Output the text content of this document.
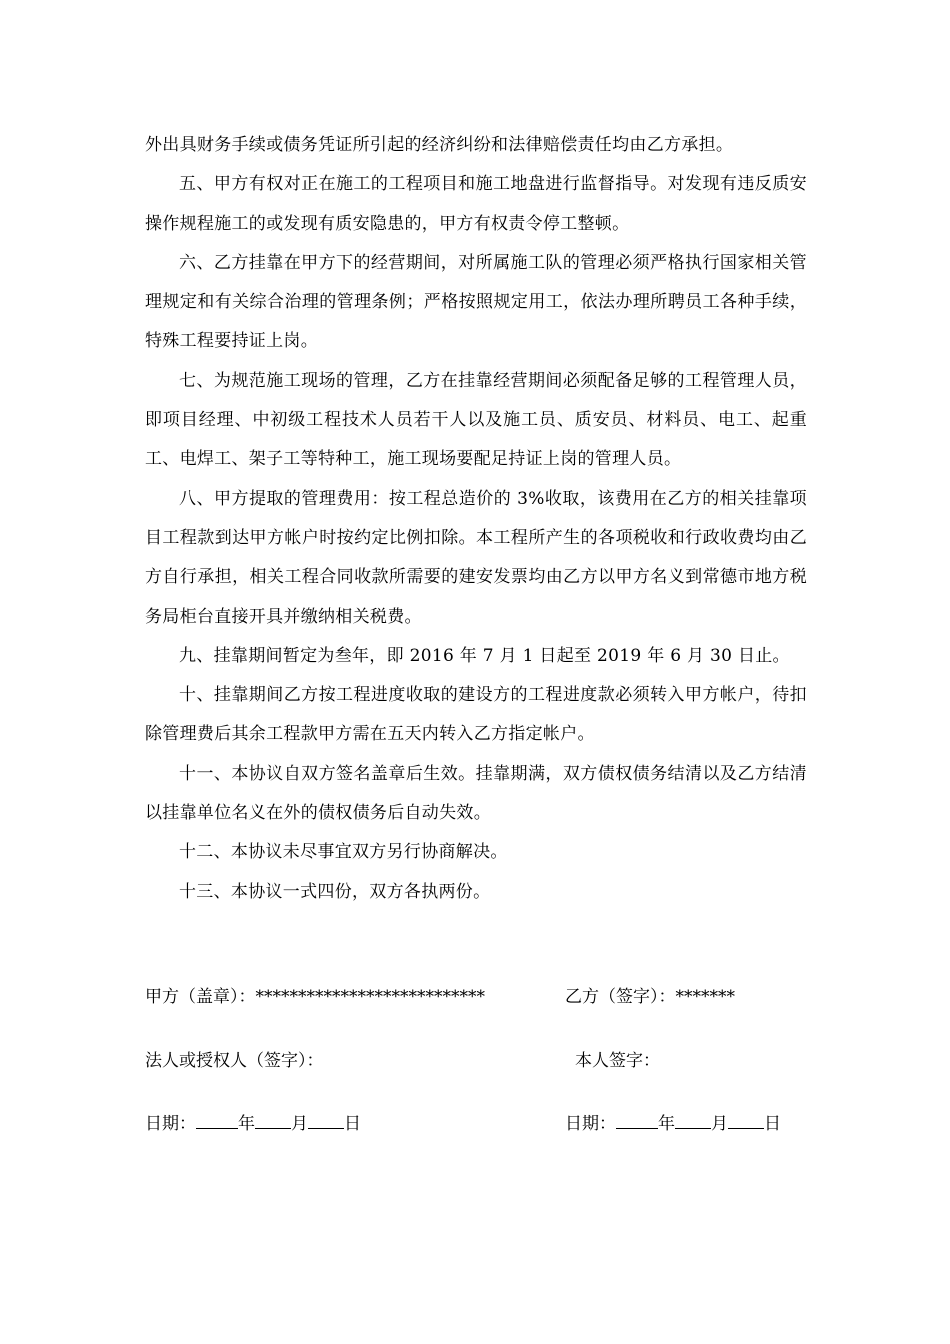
外出具财务手续或债务凭证所引起的经济纠纷和法律赔偿责任均由乙方承担。

五、甲方有权对正在施工的工程项目和施工地盘进行监督指导。对发现有违反质安操作规程施工的或发现有质安隐患的，甲方有权责令停工整顿。

六、乙方挂靠在甲方下的经营期间，对所属施工队的管理必须严格执行国家相关管理规定和有关综合治理的管理条例；严格按照规定用工，依法办理所聘员工各种手续，特殊工程要持证上岗。

七、为规范施工现场的管理，乙方在挂靠经营期间必须配备足够的工程管理人员，即项目经理、中初级工程技术人员若干人以及施工员、质安员、材料员、电工、起重工、电焊工、架子工等特种工，施工现场要配足持证上岗的管理人员。

八、甲方提取的管理费用：按工程总造价的 3%收取，该费用在乙方的相关挂靠项目工程款到达甲方帐户时按约定比例扣除。本工程所产生的各项税收和行政收费均由乙方自行承担，相关工程合同收款所需要的建安发票均由乙方以甲方名义到常德市地方税务局柜台直接开具并缴纳相关税费。

九、挂靠期间暂定为叁年，即 2016 年 7 月 1 日起至 2019 年 6 月 30 日止。

十、挂靠期间乙方按工程进度收取的建设方的工程进度款必须转入甲方帐户，待扣除管理费后其余工程款甲方需在五天内转入乙方指定帐户。

十一、本协议自双方签名盖章后生效。挂靠期满，双方债权债务结清以及乙方结清以挂靠单位名义在外的债权债务后自动失效。

十二、本协议未尽事宜双方另行协商解决。

十三、本协议一式四份，双方各执两份。

甲方（盖章）：***************************	乙方（签字）：*******
法人或授权人（签字）：	本人签字：
日期： 年 月 日	日期： 年 月 日
